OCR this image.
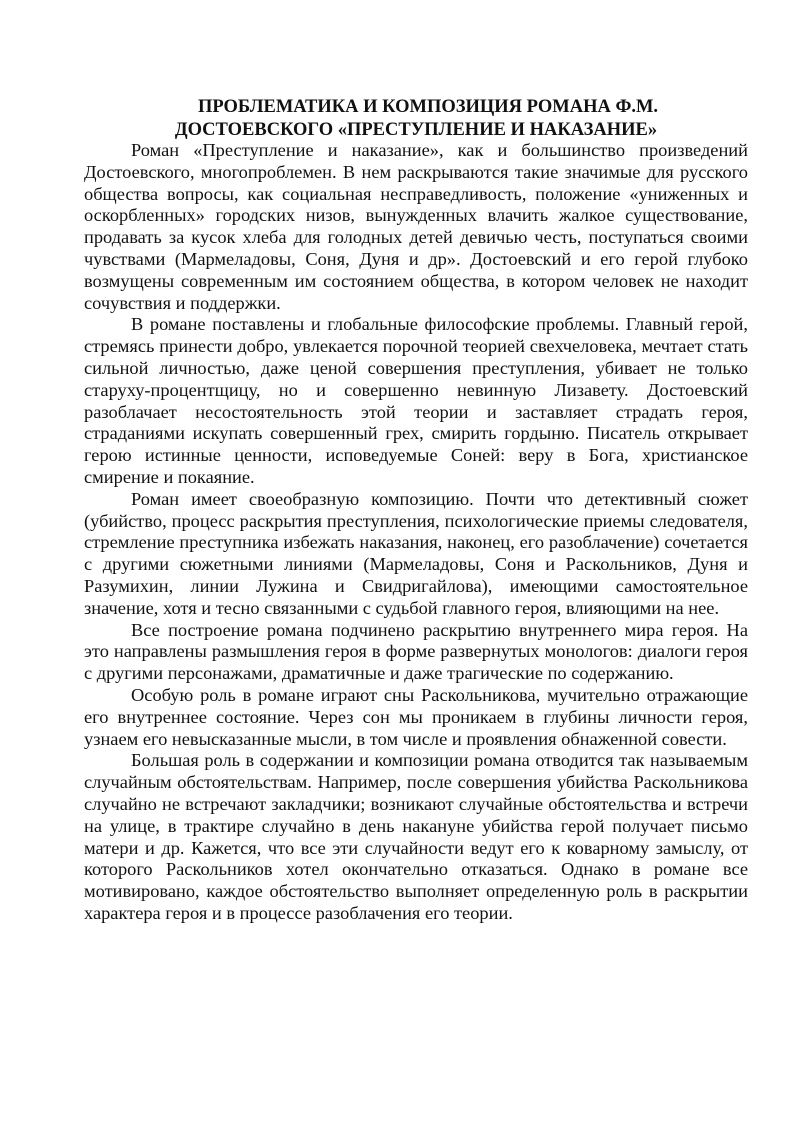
ПРОБЛЕМАТИКА И КОМПОЗИЦИЯ РОМАНА Ф.М.
ДОСТОЕВСКОГО «ПРЕСТУПЛЕНИЕ И НАКАЗАНИЕ»

Роман «Преступление и наказание», как и большинство произведений Достоевского, многопроблемен. В нем раскрываются такие значимые для русского общества вопросы, как социальная несправедливость, положение «униженных и оскорбленных» городских низов, вынужденных влачить жалкое существование, продавать за кусок хлеба для голодных детей девичью честь, поступаться своими чувствами (Мармеладовы, Соня, Дуня и др». Достоевский и его герой глубоко возмущены современным им состоянием общества, в котором человек не находит сочувствия и поддержки.

В романе поставлены и глобальные философские проблемы. Главный герой, стремясь принести добро, увлекается порочной теорией свехчеловека, мечтает стать сильной личностью, даже ценой совершения преступления, убивает не только старуху-процентщицу, но и совершенно невинную Лизавету. Достоевский разоблачает несостоятельность этой теории и заставляет страдать героя, страданиями искупать совершенный грех, смирить гордыню. Писатель открывает герою истинные ценности, исповедуемые Соней: веру в Бога, христианское смирение и покаяние.

Роман имеет своеобразную композицию. Почти что детективный сюжет (убийство, процесс раскрытия преступления, психологические приемы следователя, стремление преступника избежать наказания, наконец, его разоблачение) сочетается с другими сюжетными линиями (Мармеладовы, Соня и Раскольников, Дуня и Разумихин, линии Лужина и Свидригайлова), имеющими самостоятельное значение, хотя и тесно связанными с судьбой главного героя, влияющими на нее.

Все построение романа подчинено раскрытию внутреннего мира героя. На это направлены размышления героя в форме развернутых монологов: диалоги героя с другими персонажами, драматичные и даже трагические по содержанию.

Особую роль в романе играют сны Раскольникова, мучительно отражающие его внутреннее состояние. Через сон мы проникаем в глубины личности героя, узнаем его невысказанные мысли, в том числе и проявления обнаженной совести.

Большая роль в содержании и композиции романа отводится так называемым случайным обстоятельствам. Например, после совершения убийства Раскольникова случайно не встречают закладчики; возникают случайные обстоятельства и встречи на улице, в трактире случайно в день накануне убийства герой получает письмо матери и др. Кажется, что все эти случайности ведут его к коварному замыслу, от которого Раскольников хотел окончательно отказаться. Однако в романе все мотивировано, каждое обстоятельство выполняет определенную роль в раскрытии характера героя и в процессе разоблачения его теории.
